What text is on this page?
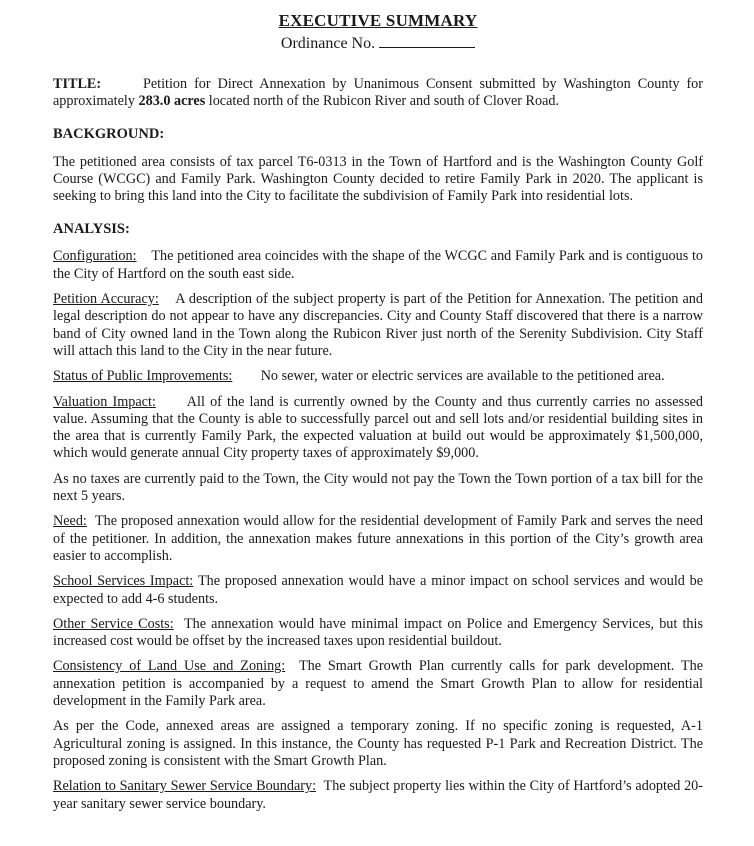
EXECUTIVE SUMMARY
Ordinance No.

TITLE:	Petition for Direct Annexation by Unanimous Consent submitted by Washington County for approximately 283.0 acres located north of the Rubicon River and south of Clover Road.

BACKGROUND:

The petitioned area consists of tax parcel T6-0313 in the Town of Hartford and is the Washington County Golf Course (WCGC) and Family Park. Washington County decided to retire Family Park in 2020. The applicant is seeking to bring this land into the City to facilitate the subdivision of Family Park into residential lots.

ANALYSIS:

Configuration: The petitioned area coincides with the shape of the WCGC and Family Park and is contiguous to the City of Hartford on the south east side.

Petition Accuracy: A description of the subject property is part of the Petition for Annexation. The petition and legal description do not appear to have any discrepancies. City and County Staff discovered that there is a narrow band of City owned land in the Town along the Rubicon River just north of the Serenity Subdivision. City Staff will attach this land to the City in the near future.

Status of Public Improvements: No sewer, water or electric services are available to the petitioned area.

Valuation Impact: All of the land is currently owned by the County and thus currently carries no assessed value. Assuming that the County is able to successfully parcel out and sell lots and/or residential building sites in the area that is currently Family Park, the expected valuation at build out would be approximately $1,500,000, which would generate annual City property taxes of approximately $9,000.

As no taxes are currently paid to the Town, the City would not pay the Town the Town portion of a tax bill for the next 5 years.

Need: The proposed annexation would allow for the residential development of Family Park and serves the need of the petitioner. In addition, the annexation makes future annexations in this portion of the City’s growth area easier to accomplish.

School Services Impact: The proposed annexation would have a minor impact on school services and would be expected to add 4-6 students.

Other Service Costs: The annexation would have minimal impact on Police and Emergency Services, but this increased cost would be offset by the increased taxes upon residential buildout.

Consistency of Land Use and Zoning: The Smart Growth Plan currently calls for park development. The annexation petition is accompanied by a request to amend the Smart Growth Plan to allow for residential development in the Family Park area.

As per the Code, annexed areas are assigned a temporary zoning. If no specific zoning is requested, A-1 Agricultural zoning is assigned. In this instance, the County has requested P-1 Park and Recreation District. The proposed zoning is consistent with the Smart Growth Plan.

Relation to Sanitary Sewer Service Boundary: The subject property lies within the City of Hartford’s adopted 20-year sanitary sewer service boundary.
